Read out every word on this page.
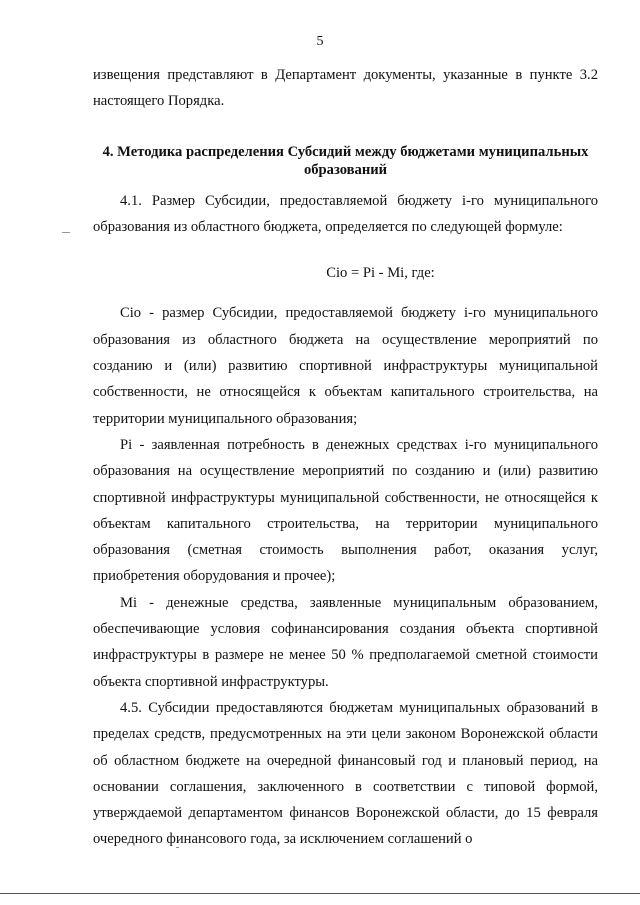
5

извещения представляют в Департамент документы, указанные в пункте 3.2 настоящего Порядка.

4. Методика распределения Субсидий между бюджетами муниципальных образований

4.1. Размер Субсидии, предоставляемой бюджету i-го муниципального образования из областного бюджета, определяется по следующей формуле:

Сio = Pi - Mi, где:

Сio - размер Субсидии, предоставляемой бюджету i-го муниципального образования из областного бюджета на осуществление мероприятий по созданию и (или) развитию спортивной инфраструктуры муниципальной собственности, не относящейся к объектам капитального строительства, на территории муниципального образования;

Pi - заявленная потребность в денежных средствах i-го муниципального образования на осуществление мероприятий по созданию и (или) развитию спортивной инфраструктуры муниципальной собственности, не относящейся к объектам капитального строительства, на территории муниципального образования (сметная стоимость выполнения работ, оказания услуг, приобретения оборудования и прочее);

Mi - денежные средства, заявленные муниципальным образованием, обеспечивающие условия софинансирования создания объекта спортивной инфраструктуры в размере не менее 50 % предполагаемой сметной стоимости объекта спортивной инфраструктуры.

4.5. Субсидии предоставляются бюджетам муниципальных образований в пределах средств, предусмотренных на эти цели законом Воронежской области об областном бюджете на очередной финансовый год и плановый период, на основании соглашения, заключенного в соответствии с типовой формой, утверждаемой департаментом финансов Воронежской области, до 15 февраля очередного финансового года, за исключением соглашений о
